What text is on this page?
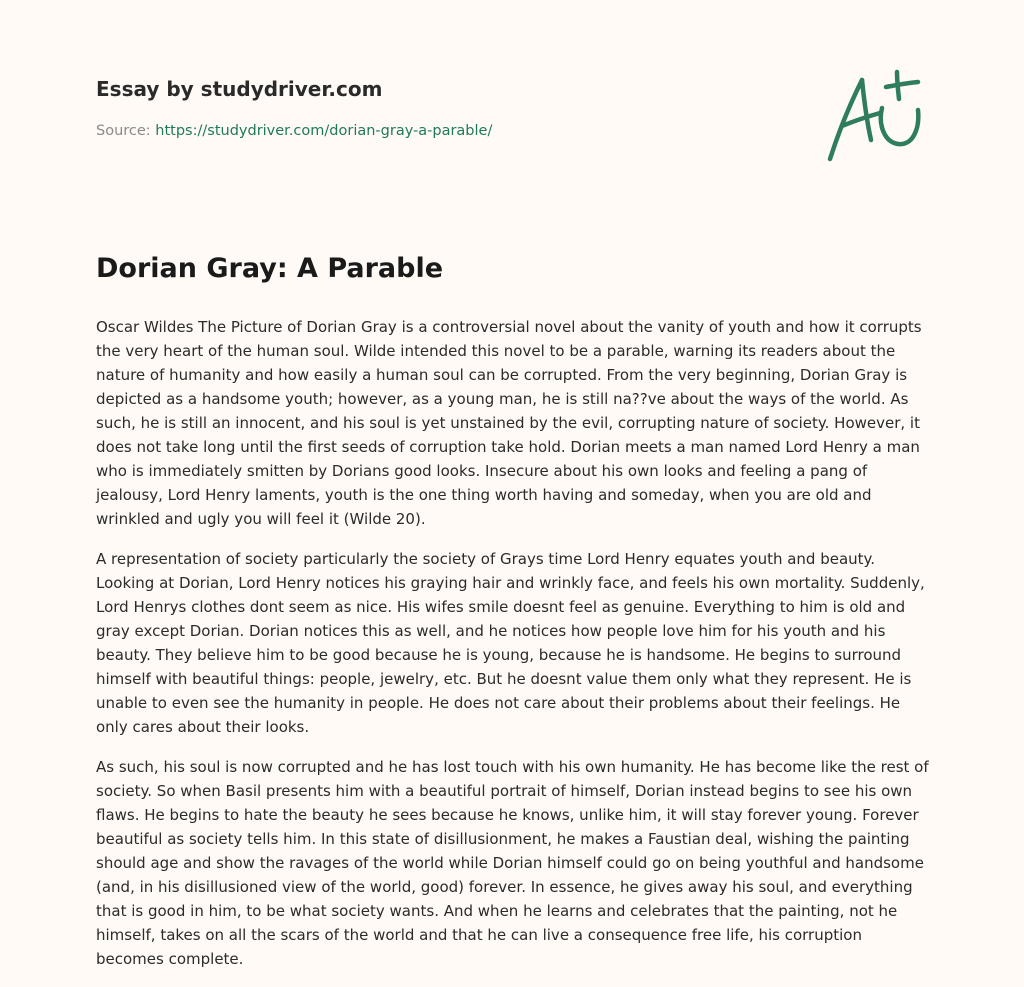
Essay by studydriver.com
Source: https://studydriver.com/dorian-gray-a-parable/
Dorian Gray: A Parable

Oscar Wildes The Picture of Dorian Gray is a controversial novel about the vanity of youth and how it corrupts the very heart of the human soul. Wilde intended this novel to be a parable, warning its readers about the nature of humanity and how easily a human soul can be corrupted. From the very beginning, Dorian Gray is depicted as a handsome youth; however, as a young man, he is still na??ve about the ways of the world. As such, he is still an innocent, and his soul is yet unstained by the evil, corrupting nature of society. However, it does not take long until the first seeds of corruption take hold. Dorian meets a man named Lord Henry a man who is immediately smitten by Dorians good looks. Insecure about his own looks and feeling a pang of jealousy, Lord Henry laments, youth is the one thing worth having and someday, when you are old and wrinkled and ugly you will feel it (Wilde 20).

A representation of society particularly the society of Grays time Lord Henry equates youth and beauty. Looking at Dorian, Lord Henry notices his graying hair and wrinkly face, and feels his own mortality. Suddenly, Lord Henrys clothes dont seem as nice. His wifes smile doesnt feel as genuine. Everything to him is old and gray except Dorian. Dorian notices this as well, and he notices how people love him for his youth and his beauty. They believe him to be good because he is young, because he is handsome. He begins to surround himself with beautiful things: people, jewelry, etc. But he doesnt value them only what they represent. He is unable to even see the humanity in people. He does not care about their problems about their feelings. He only cares about their looks.

As such, his soul is now corrupted and he has lost touch with his own humanity. He has become like the rest of society. So when Basil presents him with a beautiful portrait of himself, Dorian instead begins to see his own flaws. He begins to hate the beauty he sees because he knows, unlike him, it will stay forever young. Forever beautiful as society tells him. In this state of disillusionment, he makes a Faustian deal, wishing the painting should age and show the ravages of the world while Dorian himself could go on being youthful and handsome (and, in his disillusioned view of the world, good) forever. In essence, he gives away his soul, and everything that is good in him, to be what society wants. And when he learns and celebrates that the painting, not he himself, takes on all the scars of the world and that he can live a consequence free life, his corruption becomes complete.
